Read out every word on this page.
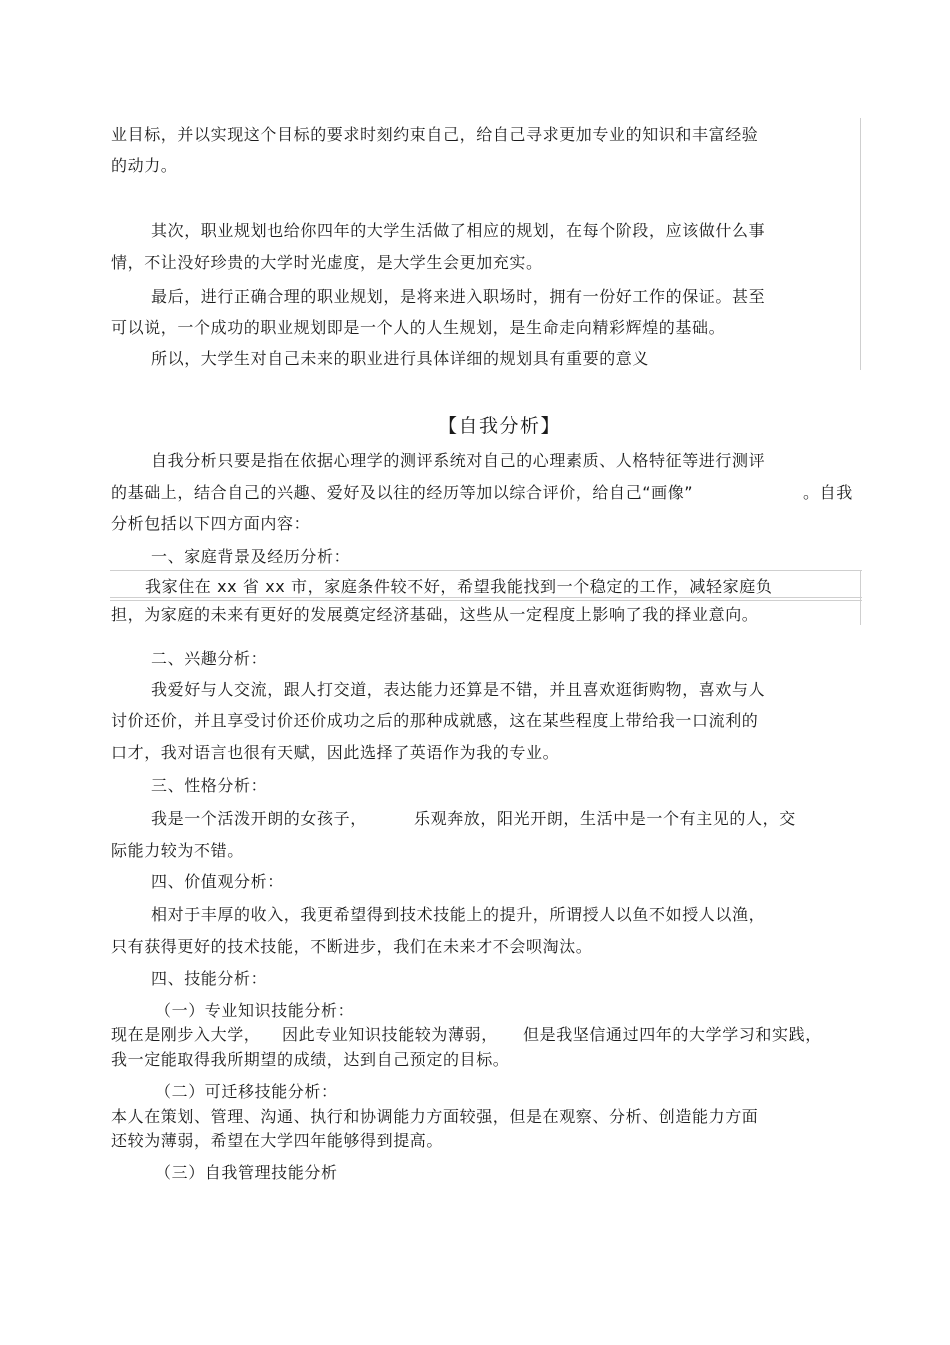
业目标，并以实现这个目标的要求时刻约束自己，给自己寻求更加专业的知识和丰富经验
的动力。
其次，职业规划也给你四年的大学生活做了相应的规划，在每个阶段，应该做什么事
情，不让没好珍贵的大学时光虚度，是大学生会更加充实。
最后，进行正确合理的职业规划，是将来进入职场时，拥有一份好工作的保证。甚至
可以说，一个成功的职业规划即是一个人的人生规划，是生命走向精彩辉煌的基础。
所以，大学生对自己未来的职业进行具体详细的规划具有重要的意义
【自我分析】
自我分析只要是指在依据心理学的测评系统对自己的心理素质、人格特征等进行测评
的基础上，结合自己的兴趣、爱好及以往的经历等加以综合评价，给自己“画像”	。自我
分析包括以下四方面内容：
一、家庭背景及经历分析：
我家住在 xx 省 xx 市，家庭条件较不好，希望我能找到一个稳定的工作，减轻家庭负
担，为家庭的未来有更好的发展奠定经济基础，这些从一定程度上影响了我的择业意向。
二、兴趣分析：
我爱好与人交流，跟人打交道，表达能力还算是不错，并且喜欢逛街购物，喜欢与人
讨价还价，并且享受讨价还价成功之后的那种成就感，这在某些程度上带给我一口流利的
口才，我对语言也很有天赋，因此选择了英语作为我的专业。
三、性格分析：
我是一个活泼开朗的女孩子，	乐观奔放，阳光开朗，生活中是一个有主见的人，交
际能力较为不错。
四、价值观分析：
相对于丰厚的收入，我更希望得到技术技能上的提升，所谓授人以鱼不如授人以渔，
只有获得更好的技术技能，不断进步，我们在未来才不会呗淘汰。
四、技能分析：
（一）专业知识技能分析：
现在是刚步入大学， 因此专业知识技能较为薄弱， 但是我坚信通过四年的大学学习和实践，
我一定能取得我所期望的成绩，达到自己预定的目标。
（二）可迁移技能分析：
本人在策划、管理、沟通、执行和协调能力方面较强，但是在观察、分析、创造能力方面
还较为薄弱，希望在大学四年能够得到提高。
（三）自我管理技能分析
